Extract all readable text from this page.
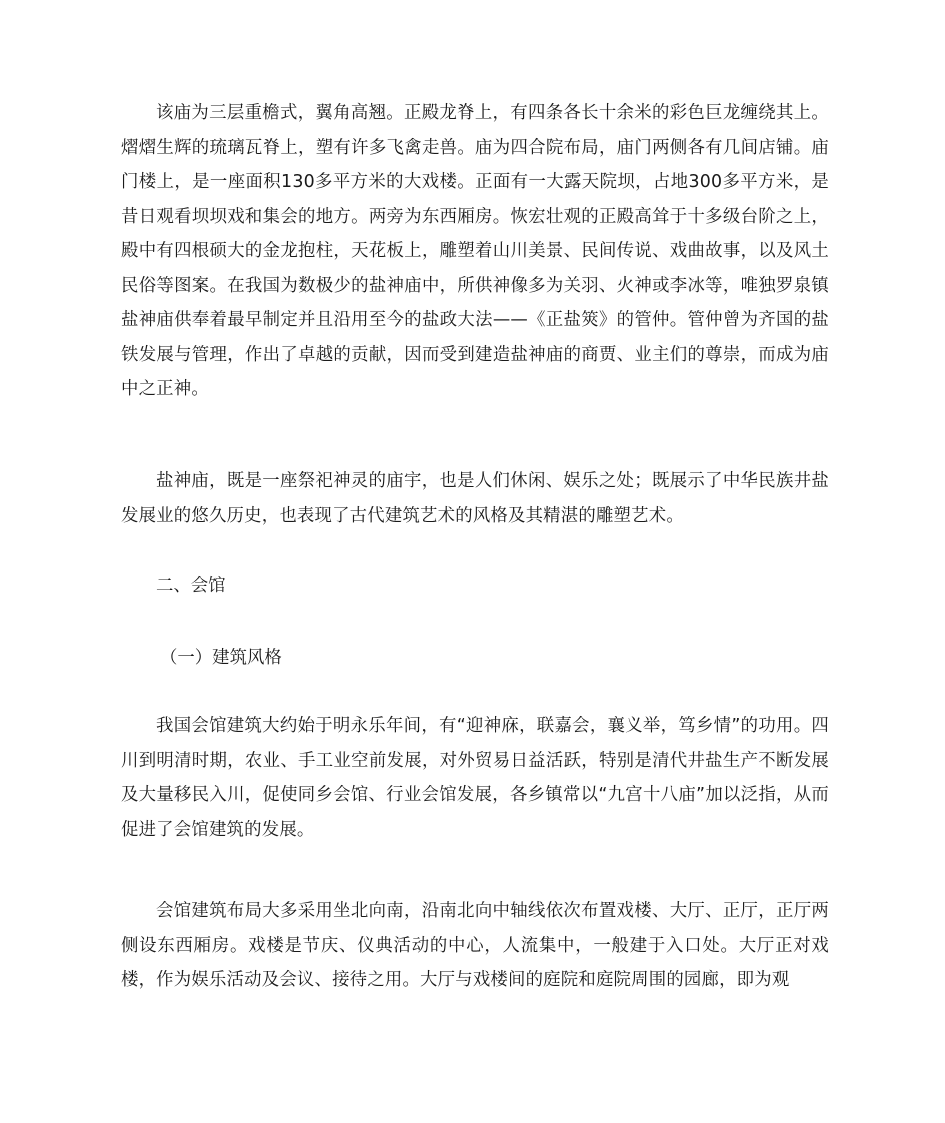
该庙为三层重檐式，翼角高翘。正殿龙脊上，有四条各长十余米的彩色巨龙缠绕其上。熠熠生辉的琉璃瓦脊上，塑有许多飞禽走兽。庙为四合院布局，庙门两侧各有几间店铺。庙门楼上，是一座面积130多平方米的大戏楼。正面有一大露天院坝，占地300多平方米，是昔日观看坝坝戏和集会的地方。两旁为东西厢房。恢宏壮观的正殿高耸于十多级台阶之上，殿中有四根硕大的金龙抱柱，天花板上，雕塑着山川美景、民间传说、戏曲故事，以及风土民俗等图案。在我国为数极少的盐神庙中，所供神像多为关羽、火神或李冰等，唯独罗泉镇盐神庙供奉着最早制定并且沿用至今的盐政大法——《正盐筴》的管仲。管仲曾为齐国的盐铁发展与管理，作出了卓越的贡献，因而受到建造盐神庙的商贾、业主们的尊崇，而成为庙中之正神。

盐神庙，既是一座祭祀神灵的庙宇，也是人们休闲、娱乐之处；既展示了中华民族井盐发展业的悠久历史，也表现了古代建筑艺术的风格及其精湛的雕塑艺术。

二、会馆

（一）建筑风格

我国会馆建筑大约始于明永乐年间，有“迎神庥，联嘉会，襄义举，笃乡情”的功用。四川到明清时期，农业、手工业空前发展，对外贸易日益活跃，特别是清代井盐生产不断发展及大量移民入川，促使同乡会馆、行业会馆发展，各乡镇常以“九宫十八庙”加以泛指，从而促进了会馆建筑的发展。

会馆建筑布局大多采用坐北向南，沿南北向中轴线依次布置戏楼、大厅、正厅，正厅两侧设东西厢房。戏楼是节庆、仪典活动的中心，人流集中，一般建于入口处。大厅正对戏楼，作为娱乐活动及会议、接待之用。大厅与戏楼间的庭院和庭院周围的园廊，即为观
